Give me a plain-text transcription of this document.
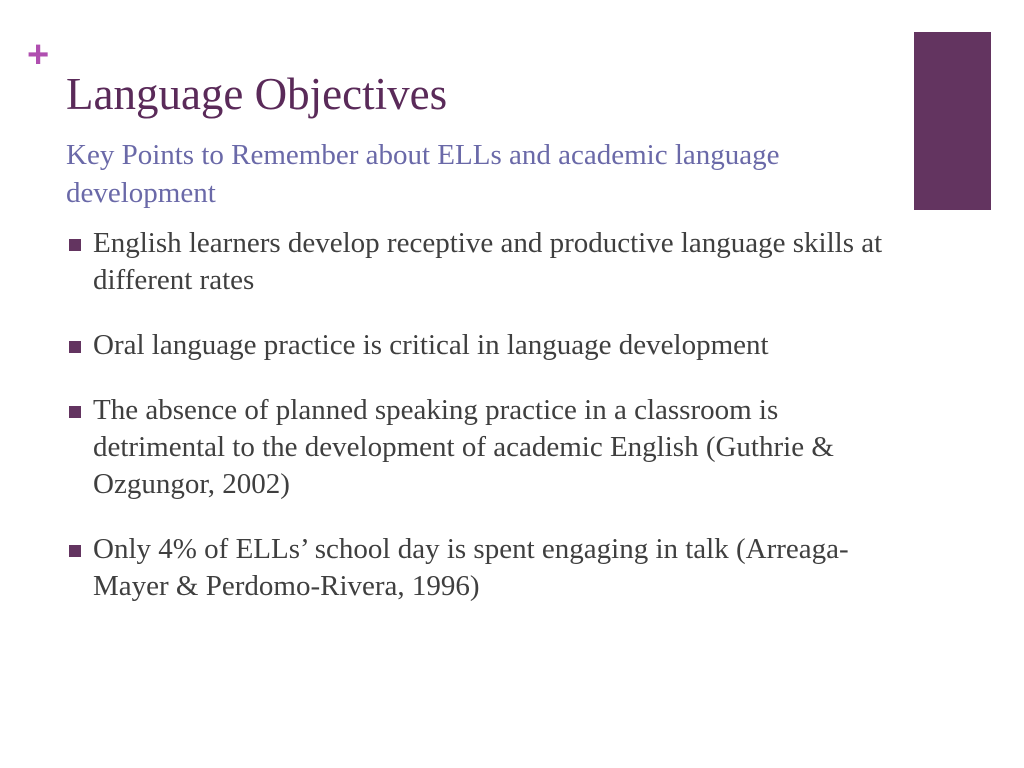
+
Language Objectives

Key Points to Remember about ELLs and academic language development

English learners develop receptive and productive language skills at different rates
Oral language practice is critical in language development
The absence of planned speaking practice in a classroom is detrimental to the development of academic English (Guthrie & Ozgungor, 2002)
Only 4% of ELLs’ school day is spent engaging in talk (Arreaga-Mayer & Perdomo-Rivera, 1996)
